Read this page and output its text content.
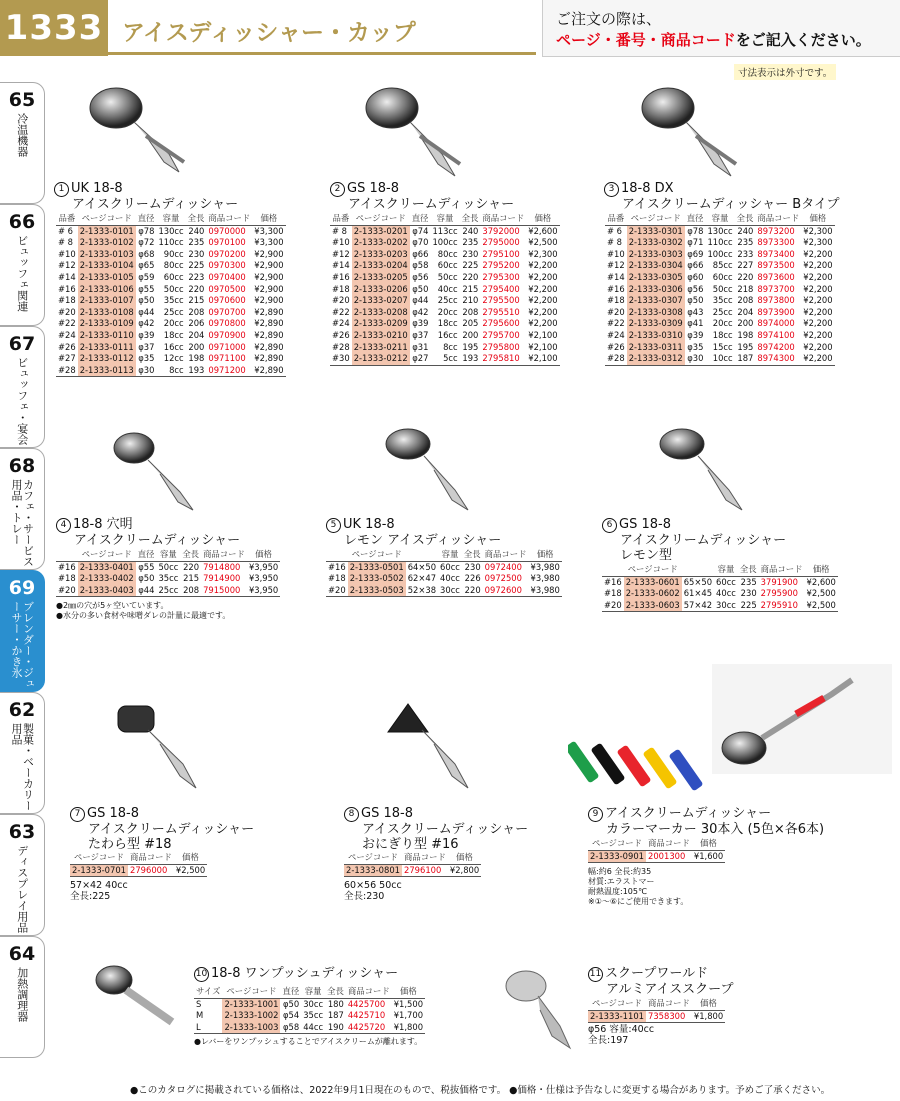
1333 アイスディッシャー・カップ
ご注文の際は、
ページ・番号・商品コードをご記入ください。
寸法表示は外寸です。
65
冷温機器
66
ビュッフェ関連
67
ビュッフェ・宴会
68
カフェ・サービス用品・トレー
69
ブレンダー・ジューサー・かき氷
62
製菓・ベーカリー用品
63
ディスプレイ用品
64
加熱調理器
1 UK 18-8
アイスクリームディッシャー
品番	ページコード	直径	容量	全長	商品コード	価格
# 6	2-1333-0101	φ78	130cc	240	0970000	¥3,300
# 8	2-1333-0102	φ72	110cc	235	0970100	¥3,300
#10	2-1333-0103	φ68	90cc	230	0970200	¥2,900
#12	2-1333-0104	φ65	80cc	225	0970300	¥2,900
#14	2-1333-0105	φ59	60cc	223	0970400	¥2,900
#16	2-1333-0106	φ55	50cc	220	0970500	¥2,900
#18	2-1333-0107	φ50	35cc	215	0970600	¥2,900
#20	2-1333-0108	φ44	25cc	208	0970700	¥2,890
#22	2-1333-0109	φ42	20cc	206	0970800	¥2,890
#24	2-1333-0110	φ39	18cc	204	0970900	¥2,890
#26	2-1333-0111	φ37	16cc	200	0971000	¥2,890
#27	2-1333-0112	φ35	12cc	198	0971100	¥2,890
#28	2-1333-0113	φ30	8cc	193	0971200	¥2,890
2 GS 18-8
アイスクリームディッシャー
品番	ページコード	直径	容量	全長	商品コード	価格
# 8	2-1333-0201	φ74	113cc	240	3792000	¥2,600
#10	2-1333-0202	φ70	100cc	235	2795000	¥2,500
#12	2-1333-0203	φ66	80cc	230	2795100	¥2,300
#14	2-1333-0204	φ58	60cc	225	2795200	¥2,200
#16	2-1333-0205	φ56	50cc	220	2795300	¥2,200
#18	2-1333-0206	φ50	40cc	215	2795400	¥2,200
#20	2-1333-0207	φ44	25cc	210	2795500	¥2,200
#22	2-1333-0208	φ42	20cc	208	2795510	¥2,200
#24	2-1333-0209	φ39	18cc	205	2795600	¥2,200
#26	2-1333-0210	φ37	16cc	200	2795700	¥2,100
#28	2-1333-0211	φ31	8cc	195	2795800	¥2,100
#30	2-1333-0212	φ27	5cc	193	2795810	¥2,100
3 18-8 DX
アイスクリームディッシャー Bタイプ
品番	ページコード	直径	容量	全長	商品コード	価格
# 6	2-1333-0301	φ78	130cc	240	8973200	¥2,300
# 8	2-1333-0302	φ71	110cc	235	8973300	¥2,300
#10	2-1333-0303	φ69	100cc	233	8973400	¥2,200
#12	2-1333-0304	φ66	85cc	227	8973500	¥2,200
#14	2-1333-0305	φ60	60cc	220	8973600	¥2,200
#16	2-1333-0306	φ56	50cc	218	8973700	¥2,200
#18	2-1333-0307	φ50	35cc	208	8973800	¥2,200
#20	2-1333-0308	φ43	25cc	204	8973900	¥2,200
#22	2-1333-0309	φ41	20cc	200	8974000	¥2,200
#24	2-1333-0310	φ39	18cc	198	8974100	¥2,200
#26	2-1333-0311	φ35	15cc	195	8974200	¥2,200
#28	2-1333-0312	φ30	10cc	187	8974300	¥2,200
4 18-8 穴明
アイスクリームディッシャー
	ページコード	直径	容量	全長	商品コード	価格
#16	2-1333-0401	φ55	50cc	220	7914800	¥3,950
#18	2-1333-0402	φ50	35cc	215	7914900	¥3,950
#20	2-1333-0403	φ44	25cc	208	7915000	¥3,950
●2㎜の穴が5ヶ空いています。
●水分の多い食材や味噌ダレの計量に最適です。
5 UK 18-8
レモン アイスディッシャー
	ページコード		容量	全長	商品コード	価格
#16	2-1333-0501	64×50	60cc	230	0972400	¥3,980
#18	2-1333-0502	62×47	40cc	226	0972500	¥3,980
#20	2-1333-0503	52×38	30cc	220	0972600	¥3,980
6 GS 18-8
アイスクリームディッシャー
レモン型
	ページコード		容量	全長	商品コード	価格
#16	2-1333-0601	65×50	60cc	235	3791900	¥2,600
#18	2-1333-0602	61×45	40cc	230	2795900	¥2,500
#20	2-1333-0603	57×42	30cc	225	2795910	¥2,500
7 GS 18-8
アイスクリームディッシャー
たわら型 #18
ページコード	商品コード	価格
2-1333-0701	2796000	¥2,500
57×42 40cc
全長:225
8 GS 18-8
アイスクリームディッシャー
おにぎり型 #16
ページコード	商品コード	価格
2-1333-0801	2796100	¥2,800
60×56 50cc
全長:230
9 アイスクリームディッシャー
カラーマーカー 30本入 (5色×各6本)
ページコード	商品コード	価格
2-1333-0901	2001300	¥1,600
幅:約6 全長:約35
材質:エラストマー
耐熱温度:105℃
※①～⑥にご使用できます。
10 18-8 ワンプッシュディッシャー
サイズ	ページコード	直径	容量	全長	商品コード	価格
S	2-1333-1001	φ50	30cc	180	4425700	¥1,500
M	2-1333-1002	φ54	35cc	187	4425710	¥1,700
L	2-1333-1003	φ58	44cc	190	4425720	¥1,800
●レバーをワンプッシュすることでアイスクリームが離れます。
11 スクープワールド
アルミアイススクープ
ページコード	商品コード	価格
2-1333-1101	7358300	¥1,800
φ56 容量:40cc
全長:197
●このカタログに掲載されている価格は、2022年9月1日現在のもので、税抜価格です。 ●価格・仕様は予告なしに変更する場合があります。予めご了承ください。
